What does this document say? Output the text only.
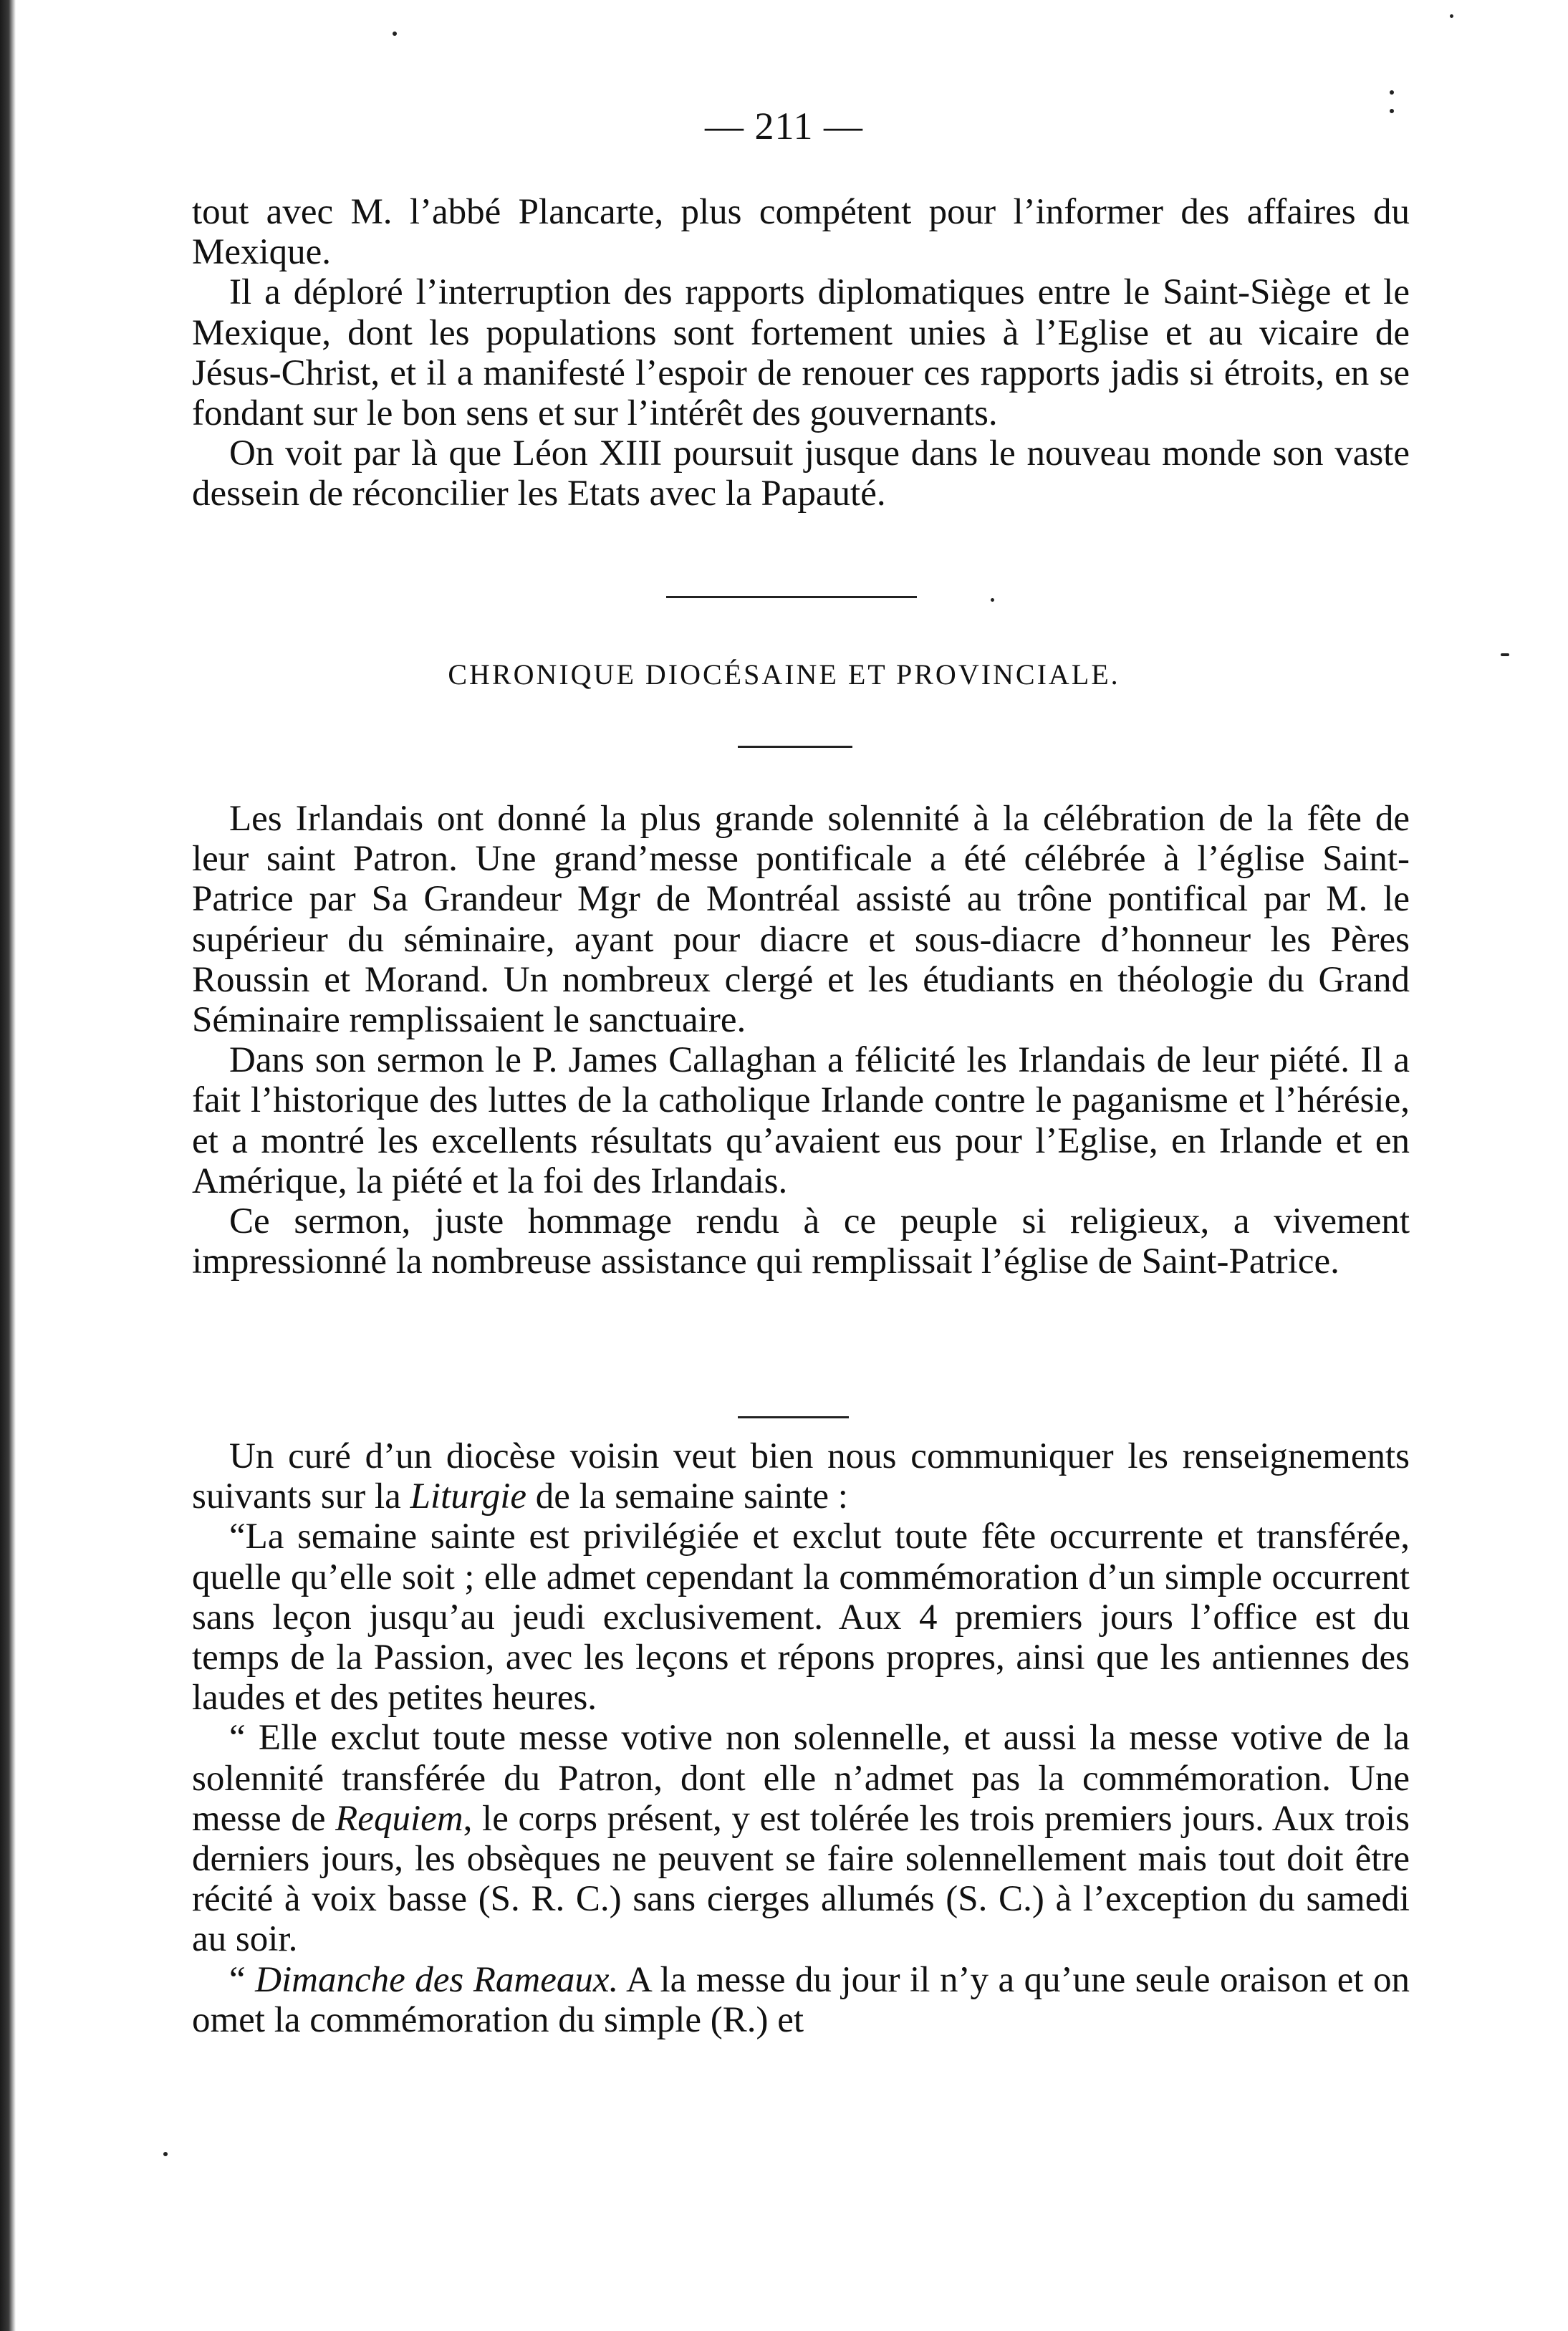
— 211 —

tout avec M. l’abbé Plancarte, plus compétent pour l’informer des affaires du Mexique.

Il a déploré l’interruption des rapports diplomatiques entre le Saint-Siège et le Mexique, dont les populations sont fortement unies à l’Eglise et au vicaire de Jésus-Christ, et il a manifesté l’espoir de renouer ces rapports jadis si étroits, en se fondant sur le bon sens et sur l’intérêt des gouvernants.

On voit par là que Léon XIII poursuit jusque dans le nouveau monde son vaste dessein de réconcilier les Etats avec la Papauté.

CHRONIQUE DIOCÉSAINE ET PROVINCIALE.

Les Irlandais ont donné la plus grande solennité à la célébration de la fête de leur saint Patron. Une grand’messe pontificale a été célébrée à l’église Saint-Patrice par Sa Grandeur Mgr de Montréal assisté au trône pontifical par M. le supérieur du séminaire, ayant pour diacre et sous-diacre d’honneur les Pères Roussin et Morand. Un nombreux clergé et les étudiants en théologie du Grand Séminaire remplissaient le sanctuaire.

Dans son sermon le P. James Callaghan a félicité les Irlandais de leur piété. Il a fait l’historique des luttes de la catholique Irlande contre le paganisme et l’hérésie, et a montré les excellents résultats qu’avaient eus pour l’Eglise, en Irlande et en Amérique, la piété et la foi des Irlandais.

Ce sermon, juste hommage rendu à ce peuple si religieux, a vivement impressionné la nombreuse assistance qui remplissait l’église de Saint-Patrice.

Un curé d’un diocèse voisin veut bien nous communiquer les renseignements suivants sur la Liturgie de la semaine sainte :

“La semaine sainte est privilégiée et exclut toute fête occurrente et transférée, quelle qu’elle soit ; elle admet cependant la commémoration d’un simple occurrent sans leçon jusqu’au jeudi exclusivement. Aux 4 premiers jours l’office est du temps de la Passion, avec les leçons et répons propres, ainsi que les antiennes des laudes et des petites heures.

“ Elle exclut toute messe votive non solennelle, et aussi la messe votive de la solennité transférée du Patron, dont elle n’admet pas la commémoration. Une messe de Requiem, le corps présent, y est tolérée les trois premiers jours. Aux trois derniers jours, les obsèques ne peuvent se faire solennellement mais tout doit être récité à voix basse (S. R. C.) sans cierges allumés (S. C.) à l’exception du samedi au soir.

“ Dimanche des Rameaux. A la messe du jour il n’y a qu’une seule oraison et on omet la commémoration du simple (R.) et
